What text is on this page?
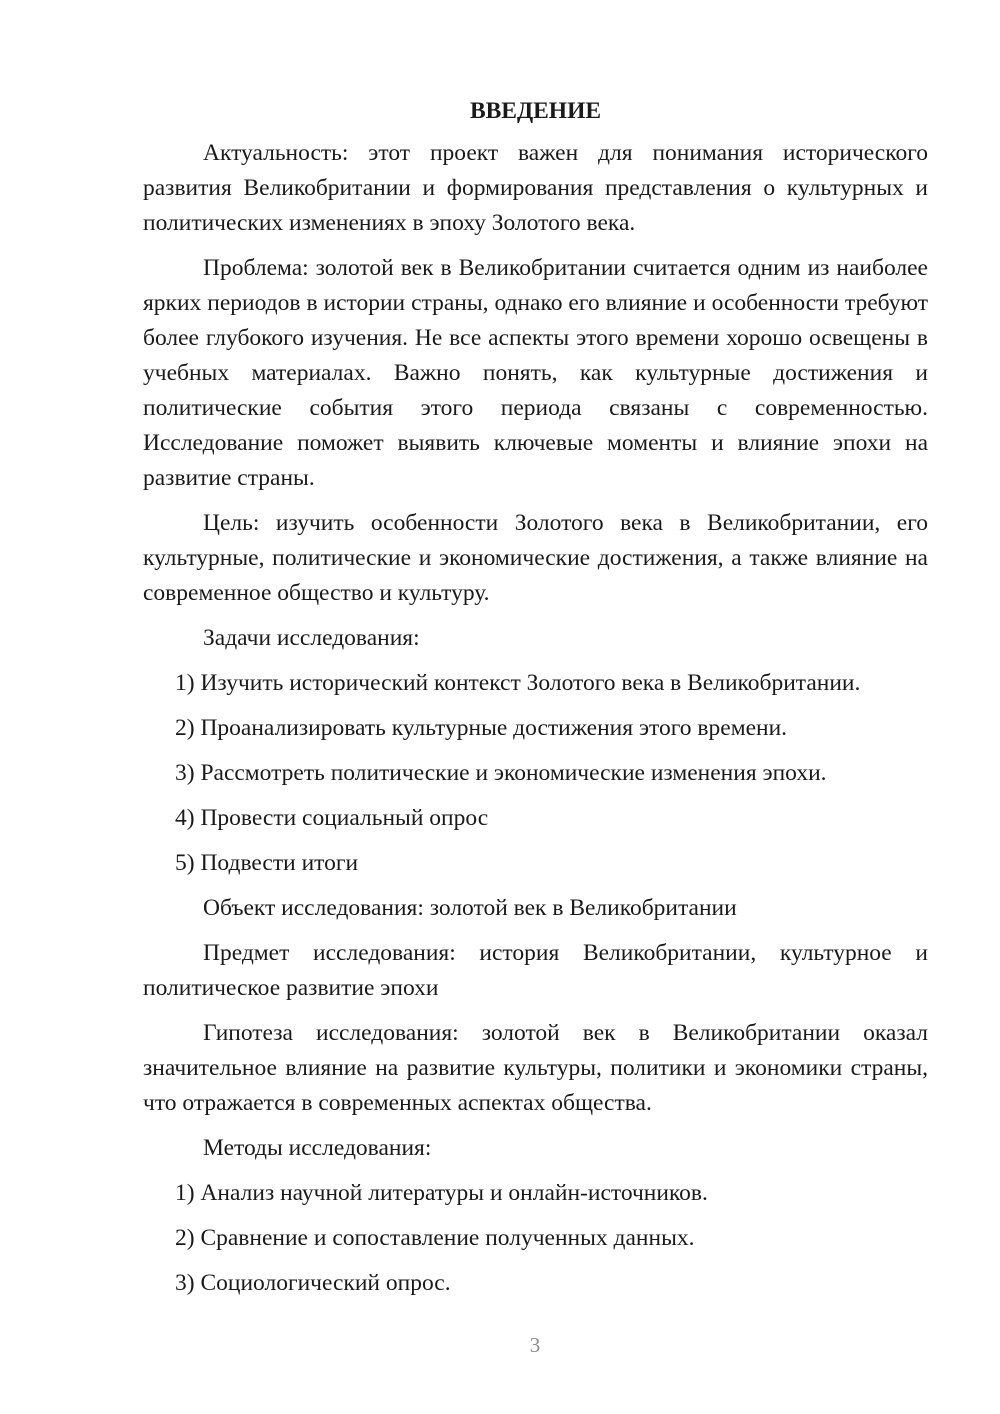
ВВЕДЕНИЕ

Актуальность: этот проект важен для понимания исторического развития Великобритании и формирования представления о культурных и политических изменениях в эпоху Золотого века.

Проблема: золотой век в Великобритании считается одним из наиболее ярких периодов в истории страны, однако его влияние и особенности требуют более глубокого изучения. Не все аспекты этого времени хорошо освещены в учебных материалах. Важно понять, как культурные достижения и политические события этого периода связаны с современностью. Исследование поможет выявить ключевые моменты и влияние эпохи на развитие страны.

Цель: изучить особенности Золотого века в Великобритании, его культурные, политические и экономические достижения, а также влияние на современное общество и культуру.

Задачи исследования:

1) Изучить исторический контекст Золотого века в Великобритании.

2) Проанализировать культурные достижения этого времени.

3) Рассмотреть политические и экономические изменения эпохи.

4) Провести социальный опрос

5) Подвести итоги

Объект исследования: золотой век в Великобритании

Предмет исследования: история Великобритании, культурное и политическое развитие эпохи

Гипотеза исследования: золотой век в Великобритании оказал значительное влияние на развитие культуры, политики и экономики страны, что отражается в современных аспектах общества.

Методы исследования:

1) Анализ научной литературы и онлайн-источников.

2) Сравнение и сопоставление полученных данных.

3) Социологический опрос.

3
